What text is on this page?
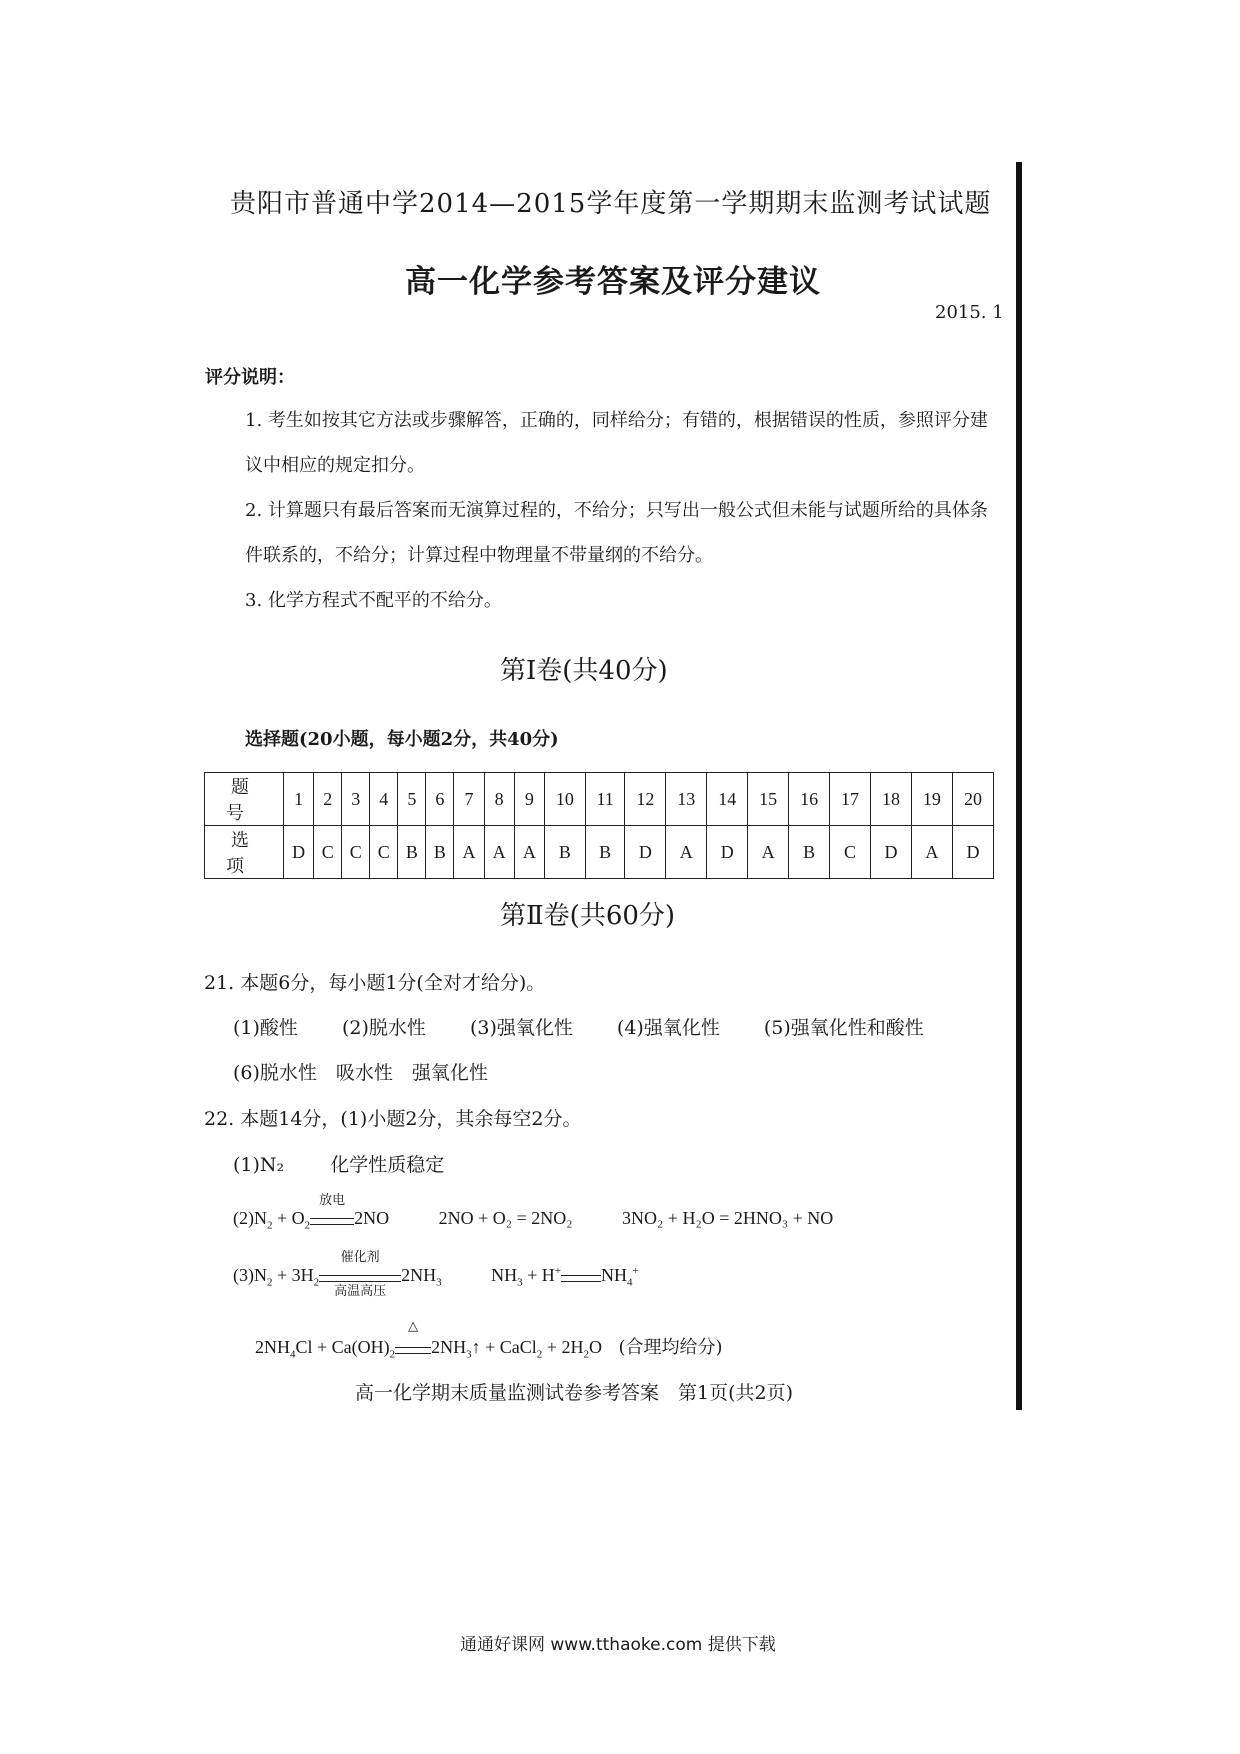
贵阳市普通中学2014—2015学年度第一学期期末监测考试试题
高一化学参考答案及评分建议
2015. 1
评分说明：
1. 考生如按其它方法或步骤解答，正确的，同样给分；有错的，根据错误的性质，参照评分建议中相应的规定扣分。
2. 计算题只有最后答案而无演算过程的，不给分；只写出一般公式但未能与试题所给的具体条件联系的，不给分；计算过程中物理量不带量纲的不给分。
3. 化学方程式不配平的不给分。
第Ⅰ卷(共40分)
选择题(20小题，每小题2分，共40分)
题号	1	2	3	4	5	6	7	8	9	10	11	12	13	14	15	16	17	18	19	20
选项	D	C	C	C	B	B	A	A	A	B	B	D	A	D	A	B	C	D	A	D
第Ⅱ卷(共60分)
21. 本题6分，每小题1分(全对才给分)。
(1)酸性 (2)脱水性 (3)强氧化性 (4)强氧化性 (5)强氧化性和酸性
(6)脱水性　吸水性　强氧化性
22. 本题14分，(1)小题2分，其余每空2分。
(1)N₂ 化学性质稳定
$(2)N_2 + O_2$
放电
2NO	2NO + O₂ = 2NO₂	3NO₂ + H₂O = 2HNO₃ + NO
$(3)N_2 + 3H_2$
催化剂
高温高压
$2NH_3$	$NH_3 + H^+$ $NH_4^+$
$2NH_4Cl + Ca(OH)_2$
△
$2NH_3↑$ + CaCl$_2$ + $2H_2O$ (合理均给分)
高一化学期末质量监测试卷参考答案　第1页(共2页)
通通好课网 www.tthaoke.com 提供下载
